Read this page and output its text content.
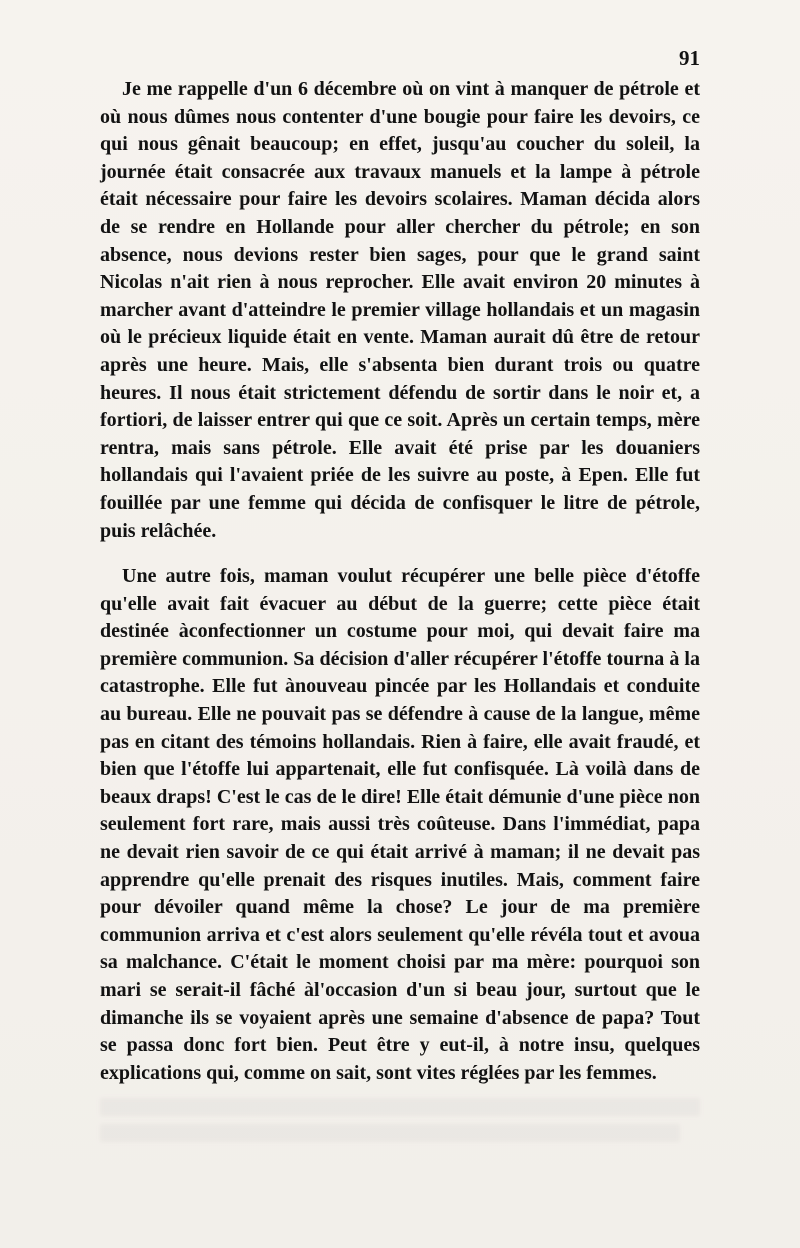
91

Je me rappelle d'un 6 décembre où on vint à manquer de pétrole et où nous dûmes nous contenter d'une bougie pour faire les devoirs, ce qui nous gênait beaucoup; en effet, jusqu'au coucher du soleil, la journée était consacrée aux travaux manuels et la lampe à pétrole était nécessaire pour faire les devoirs scolaires. Maman décida alors de se rendre en Hollande pour aller chercher du pétrole; en son absence, nous devions rester bien sages, pour que le grand saint Nicolas n'ait rien à nous reprocher. Elle avait environ 20 minutes à marcher avant d'atteindre le premier village hollandais et un magasin où le précieux liquide était en vente. Maman aurait dû être de retour après une heure. Mais, elle s'absenta bien durant trois ou quatre heures. Il nous était strictement défendu de sortir dans le noir et, a fortiori, de laisser entrer qui que ce soit. Après un certain temps, mère rentra, mais sans pétrole. Elle avait été prise par les douaniers hollandais qui l'avaient priée de les suivre au poste, à Epen. Elle fut fouillée par une femme qui décida de confisquer le litre de pétrole, puis relâchée.

Une autre fois, maman voulut récupérer une belle pièce d'étoffe qu'elle avait fait évacuer au début de la guerre; cette pièce était destinée àconfectionner un costume pour moi, qui devait faire ma première communion. Sa décision d'aller récupérer l'étoffe tourna à la catastrophe. Elle fut ànouveau pincée par les Hollandais et conduite au bureau. Elle ne pouvait pas se défendre à cause de la langue, même pas en citant des témoins hollandais. Rien à faire, elle avait fraudé, et bien que l'étoffe lui appartenait, elle fut confisquée. Là voilà dans de beaux draps! C'est le cas de le dire! Elle était démunie d'une pièce non seulement fort rare, mais aussi très coûteuse. Dans l'immédiat, papa ne devait rien savoir de ce qui était arrivé à maman; il ne devait pas apprendre qu'elle prenait des risques inutiles. Mais, comment faire pour dévoiler quand même la chose? Le jour de ma première communion arriva et c'est alors seulement qu'elle révéla tout et avoua sa malchance. C'était le moment choisi par ma mère: pourquoi son mari se serait-il fâché àl'occasion d'un si beau jour, surtout que le dimanche ils se voyaient après une semaine d'absence de papa? Tout se passa donc fort bien. Peut être y eut-il, à notre insu, quelques explications qui, comme on sait, sont vites réglées par les femmes.
